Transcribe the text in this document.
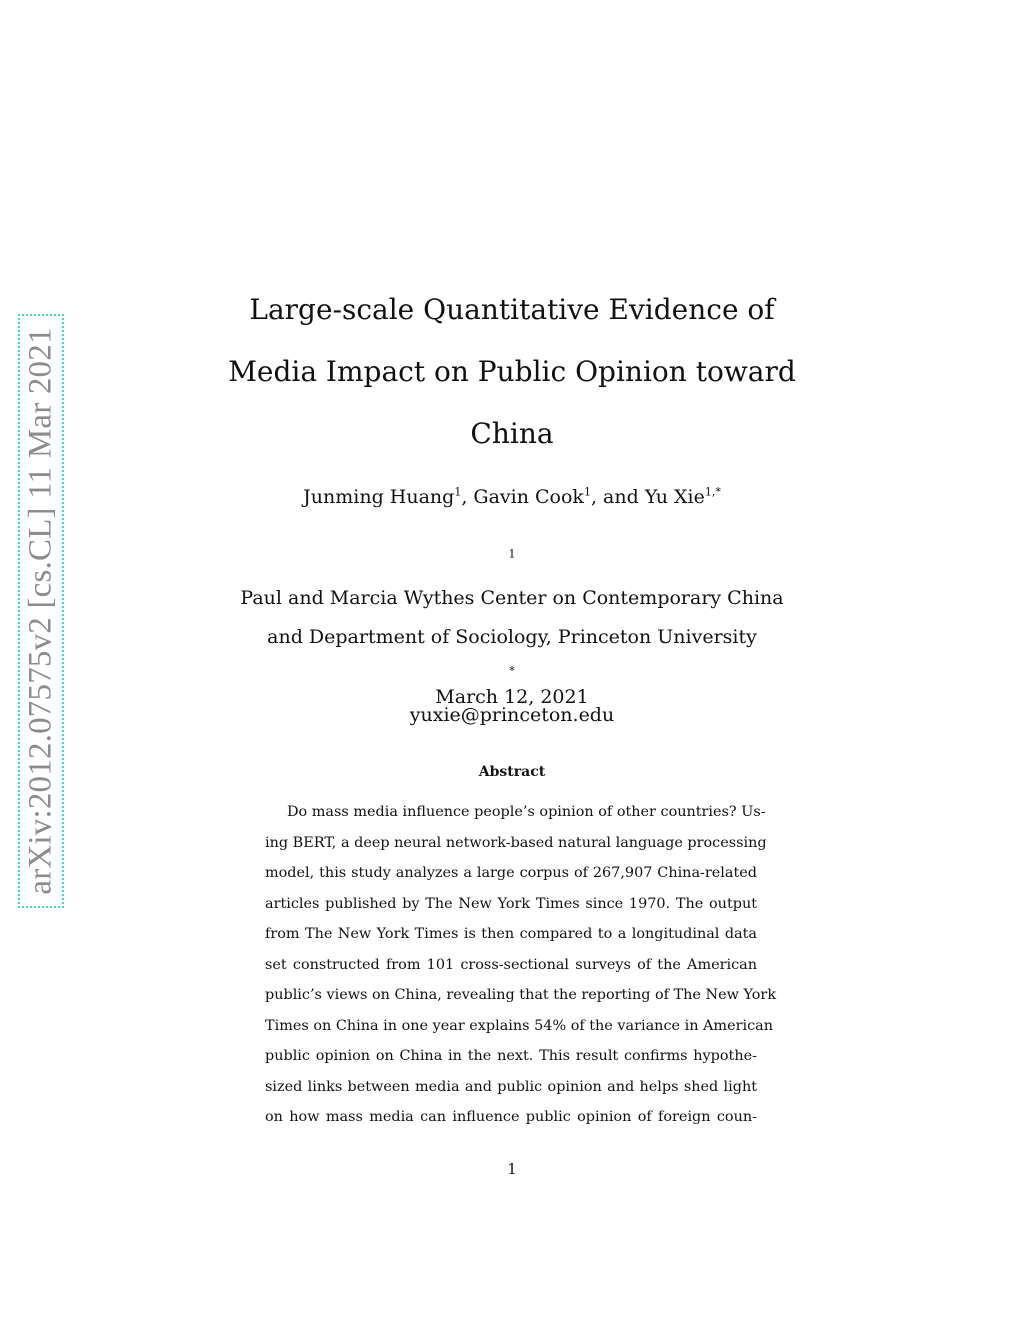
arXiv:2012.07575v2 [cs.CL] 11 Mar 2021
Large-scale Quantitative Evidence of
Media Impact on Public Opinion toward
China
Junming Huang$^1$, Gavin Cook$^1$, and Yu Xie$^{1,*}$
$^1$
Paul and Marcia Wythes Center on Contemporary China
and Department of Sociology, Princeton University
*
yuxie@princeton.edu
March 12, 2021
Abstract
Do mass media influence people’s opinion of other countries? Us-
ing BERT, a deep neural network-based natural language processing
model, this study analyzes a large corpus of 267,907 China-related
articles published by The New York Times since 1970. The output
from The New York Times is then compared to a longitudinal data
set constructed from 101 cross-sectional surveys of the American
public’s views on China, revealing that the reporting of The New York
Times on China in one year explains 54% of the variance in American
public opinion on China in the next. This result confirms hypothe-
sized links between media and public opinion and helps shed light
on how mass media can influence public opinion of foreign coun-
1
